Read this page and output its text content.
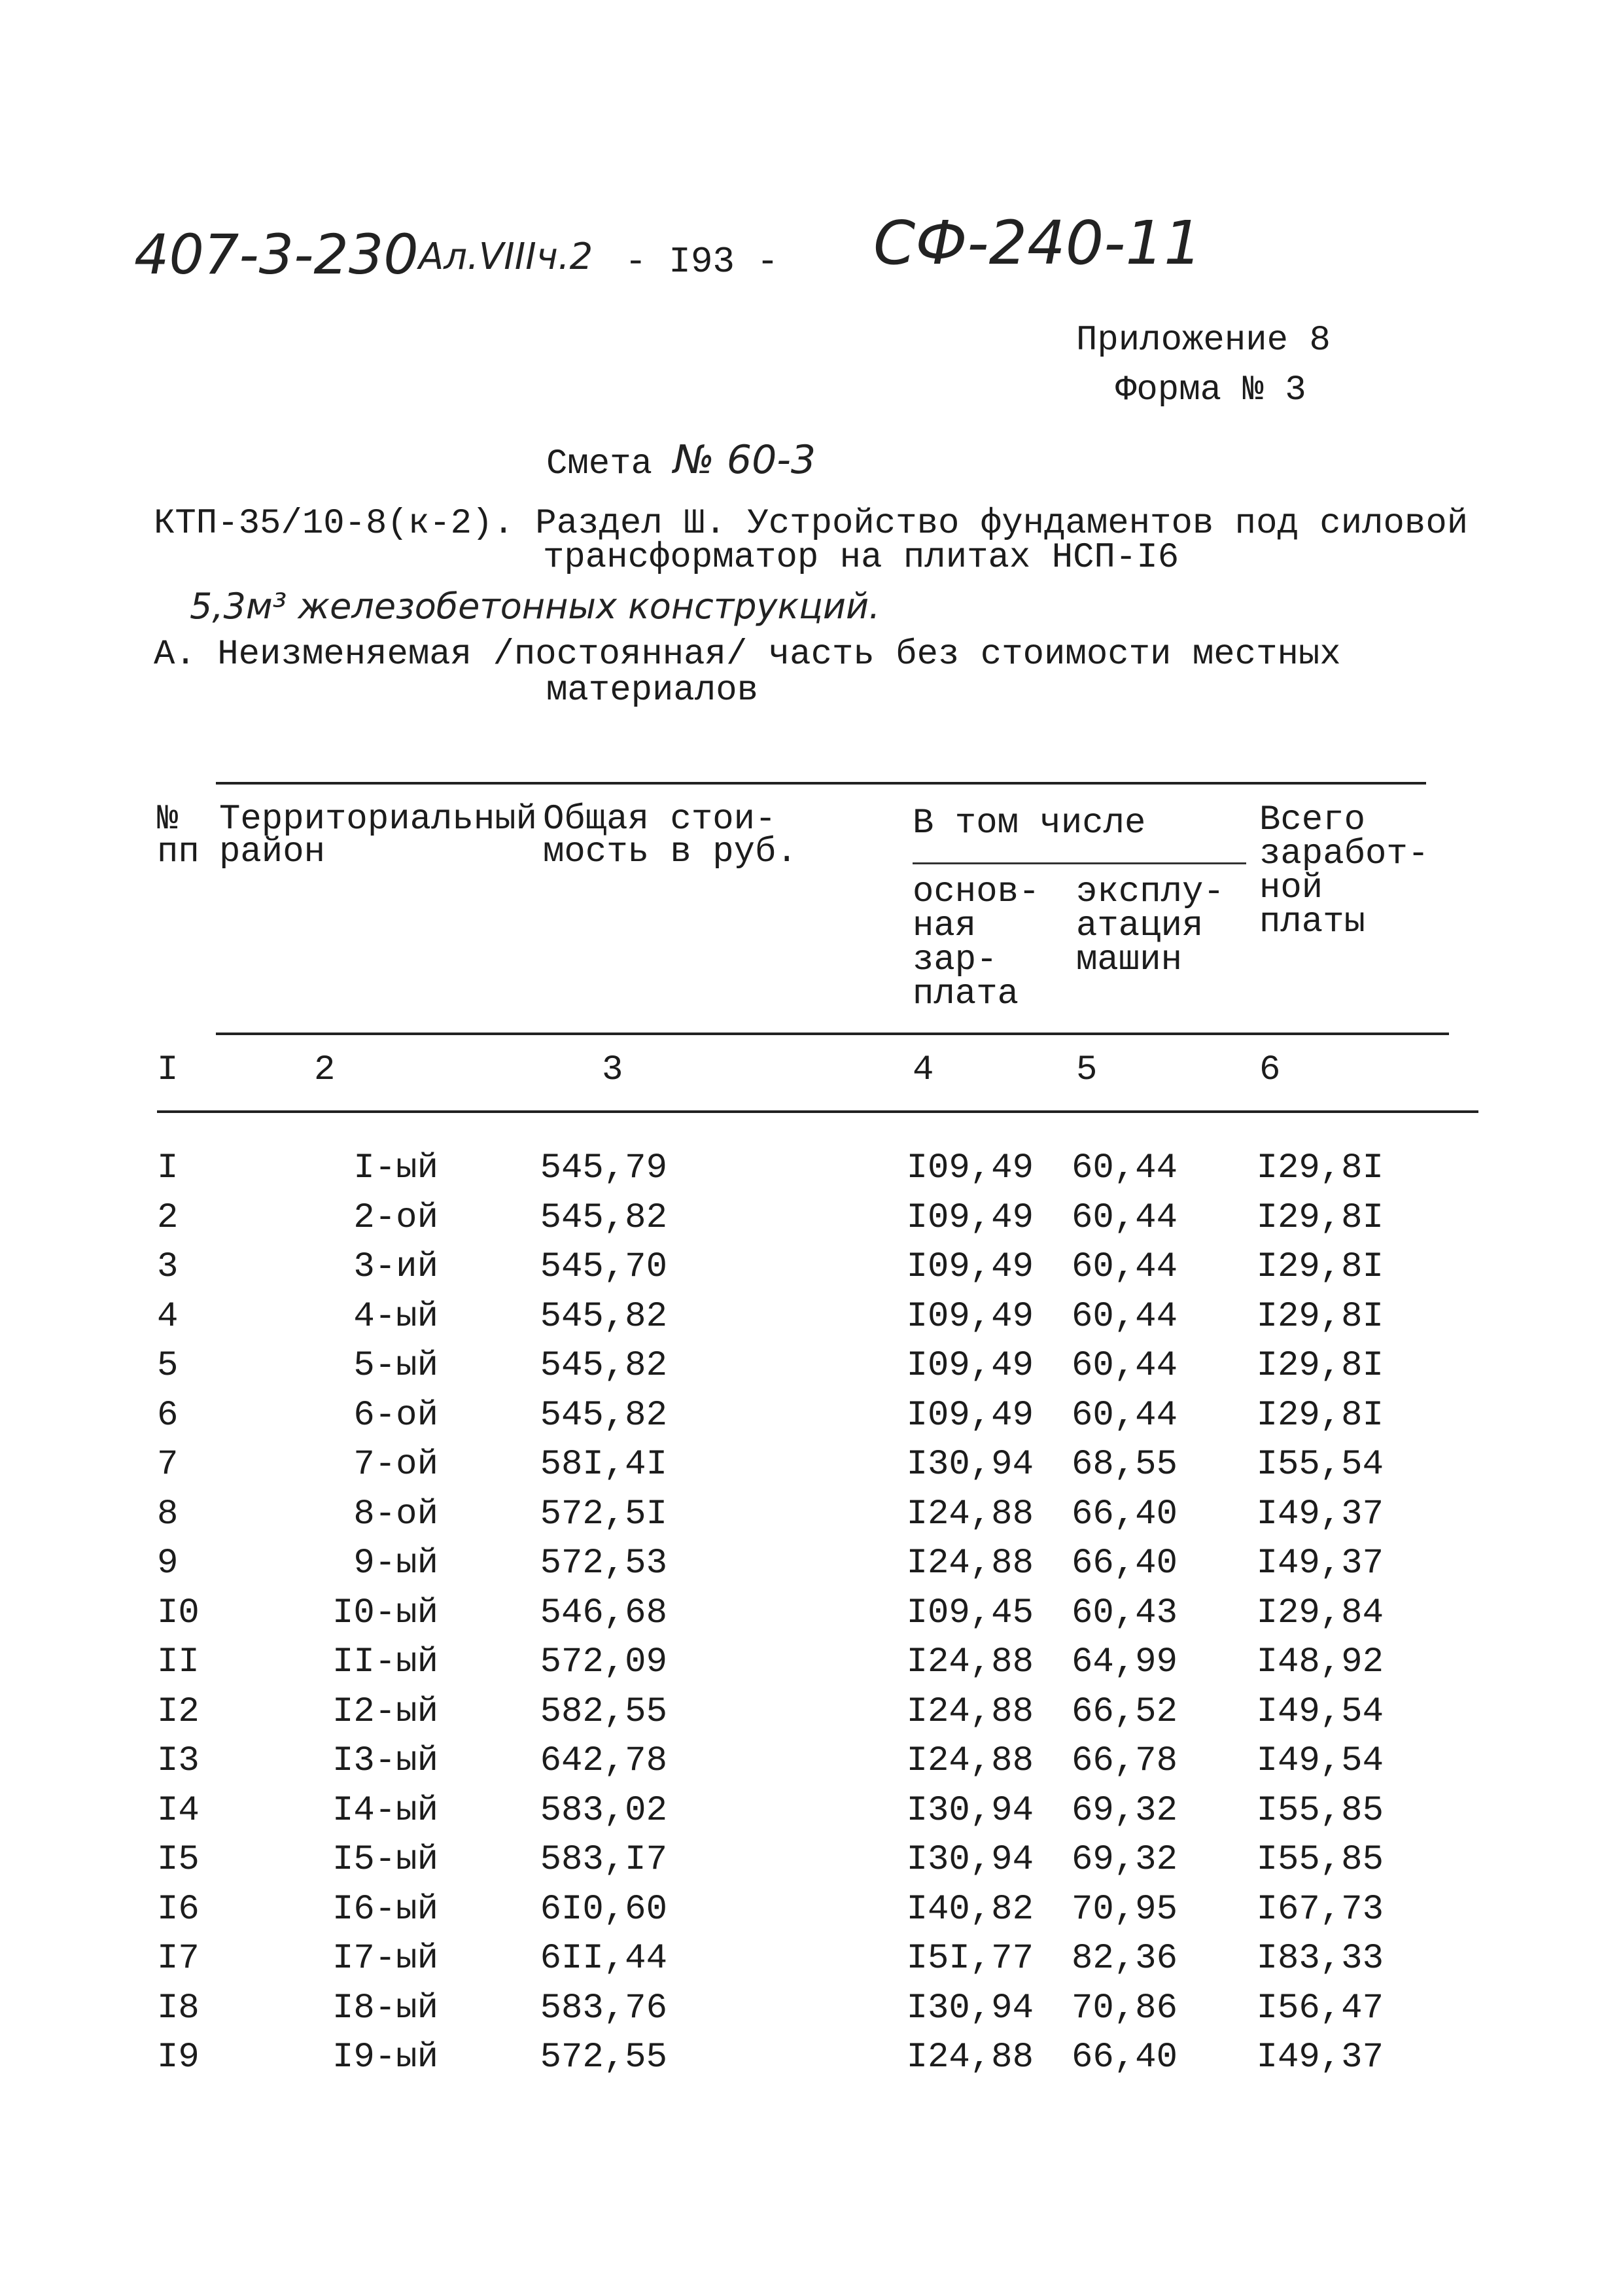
407-3-230 Ал.VIIIч.2 - I93 - СФ-240-11
Приложение 8
Форма № 3
Смета № 60-3
КТП-35/10-8(к-2). Раздел Ш. Устройство фундаментов под силовой
трансформатор на плитах НСП-I6
5,3м³ железобетонных конструкций.
А. Неизменяемая /постоянная/ часть без стоимости местных
материалов
№
пп
Территориальный
район
Общая стои-
мость в руб.
В том числе
основ-
ная
зар-
плата
эксплу-
атация
машин
Всего
заработ-
ной
платы
I	2	3	4	5	6
I	I-ый	545,79	I09,49	60,44 I29,8I
2	2-ой	545,82	I09,49	60,44 I29,8I
3	3-ий	545,70	I09,49	60,44 I29,8I
4	4-ый	545,82	I09,49	60,44 I29,8I
5	5-ый	545,82	I09,49	60,44 I29,8I
6	6-ой	545,82	I09,49	60,44 I29,8I
7	7-ой	58I,4I	I30,94	68,55 I55,54
8	8-ой	572,5I	I24,88	66,40 I49,37
9	9-ый	572,53	I24,88	66,40 I49,37
I0	I0-ый	546,68	I09,45	60,43 I29,84
II	II-ый	572,09	I24,88	64,99 I48,92
I2	I2-ый	582,55	I24,88	66,52 I49,54
I3	I3-ый	642,78	I24,88	66,78 I49,54
I4	I4-ый	583,02	I30,94	69,32 I55,85
I5	I5-ый	583,I7	I30,94	69,32 I55,85
I6	I6-ый	6I0,60	I40,82	70,95 I67,73
I7	I7-ый	6II,44	I5I,77	82,36 I83,33
I8	I8-ый	583,76	I30,94	70,86 I56,47
I9	I9-ый	572,55	I24,88	66,40 I49,37
